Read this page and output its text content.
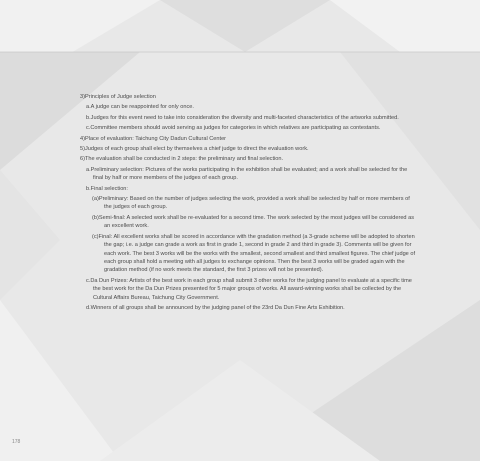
3)Principles of Judge selection
a.A judge can be reappointed for only once.
b.Judges for this event need to take into consideration the diversity and multi-faceted characteristics of the artworks submitted.
c.Committee members should avoid serving as judges for categories in which relatives are participating as contestants.
4)Place of evaluation: Taichung City Dadun Cultural Center
5)Judges of each group shall elect by themselves a chief judge to direct the evaluation work.
6)The evaluation shall be conducted in 2 steps: the preliminary and final selection.
a.Preliminary selection: Pictures of the works participating in the exhibition shall be evaluated; and a work shall be selected for the final by half or more members of the judges of each group.
b.Final selection:
(a)Preliminary: Based on the number of judges selecting the work, provided a work shall be selected by half or more members of the judges of each group.
(b)Semi-final: A selected work shall be re-evaluated for a second time. The work selected by the most judges will be considered as an excellent work.
(c)Final: All excellent works shall be scored in accordance with the gradation method (a 3-grade scheme will be adopted to shorten the gap; i.e. a judge can grade a work as first in grade 1, second in grade 2 and third in grade 3). Comments will be given for each work. The best 3 works will be the works with the smallest, second smallest and third smallest figures. The chief judge of each group shall hold a meeting with all judges to exchange opinions. Then the best 3 works will be graded again with the gradation method (if no work meets the standard, the first 3 prizes will not be presented).
c.Da Dun Prizes: Artists of the best work in each group shall submit 3 other works for the judging panel to evaluate at a specific time the best work for the Da Dun Prizes presented for 5 major groups of works. All award-winning works shall be collected by the Cultural Affairs Bureau, Taichung City Government.
d.Winners of all groups shall be announced by the judging panel of the 23rd Da Dun Fine Arts Exhibition.
178
